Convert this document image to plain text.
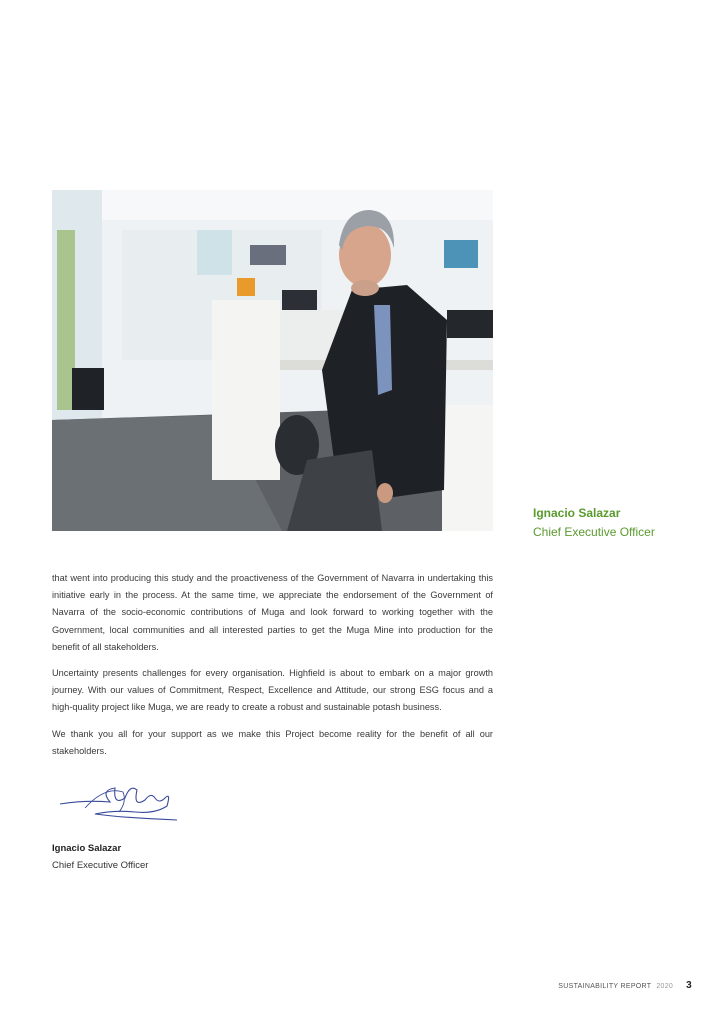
Ignacio Salazar
Chief Executive Officer

that went into producing this study and the proactiveness of the Government of Navarra in undertaking this initiative early in the process. At the same time, we appreciate the endorsement of the Government of Navarra of the socio-economic contributions of Muga and look forward to working together with the Government, local communities and all interested parties to get the Muga Mine into production for the benefit of all stakeholders.

Uncertainty presents challenges for every organisation. Highfield is about to embark on a major growth journey. With our values of Commitment, Respect, Excellence and Attitude, our strong ESG focus and a high-quality project like Muga, we are ready to create a robust and sustainable potash business.

We thank you all for your support as we make this Project become reality for the benefit of all our stakeholders.

Ignacio Salazar
Chief Executive Officer
SUSTAINABILITY REPORT 2020 3
